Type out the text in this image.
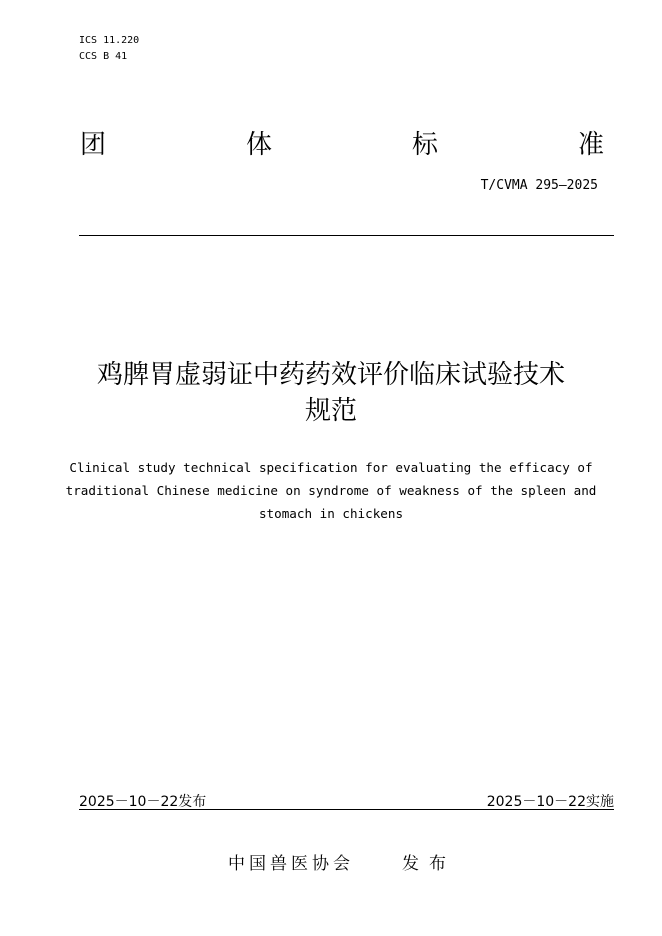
ICS 11.220
CCS B 41
团	体	标	准
T/CVMA 295—2025
鸡脾胃虚弱证中药药效评价临床试验技术
规范
Clinical study technical specification for evaluating the efficacy of
traditional Chinese medicine on syndrome of weakness of the spleen and
stomach in chickens
2025－10－22发布	2025－10－22实施
中国兽医协会	发布
